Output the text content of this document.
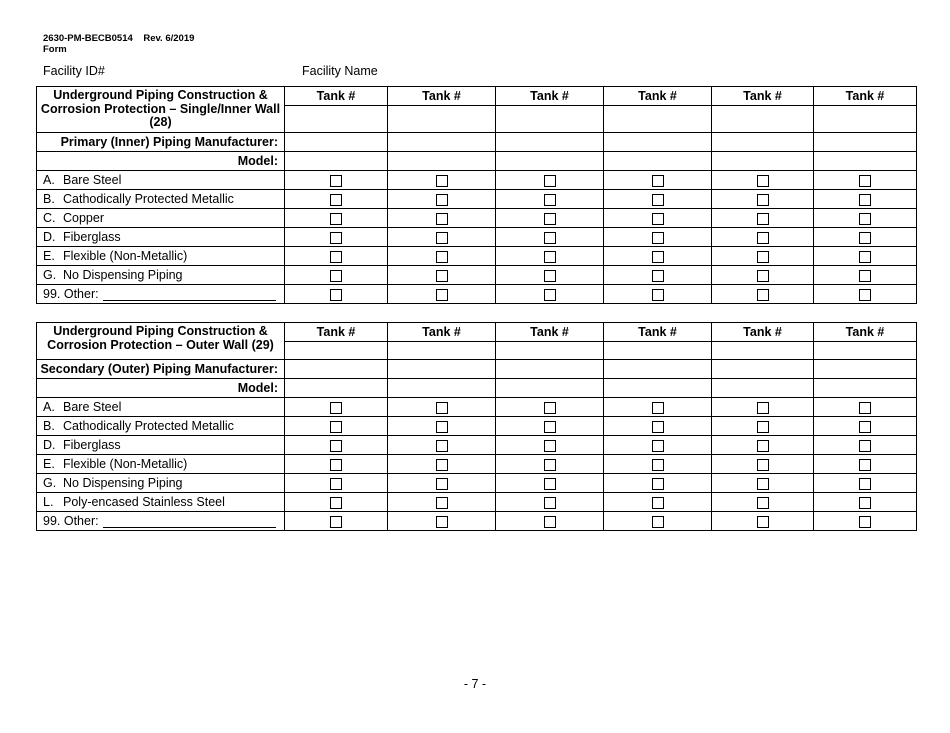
2630-PM-BECB0514 Rev. 6/2019
Form
Facility ID#	Facility Name
Underground Piping Construction & Corrosion Protection – Single/Inner Wall (28)	Tank #	Tank #	Tank #	Tank #	Tank #	Tank #

Primary (Inner) Piping Manufacturer:						
Model:						
A. Bare Steel						
B. Cathodically Protected Metallic						
C. Copper						
D. Fiberglass						
E. Flexible (Non-Metallic)						
G. No Dispensing Piping						
99. Other:						
Underground Piping Construction & Corrosion Protection – Outer Wall (29)	Tank #	Tank #	Tank #	Tank #	Tank #	Tank #

Secondary (Outer) Piping Manufacturer:						
Model:						
A. Bare Steel						
B. Cathodically Protected Metallic						
D. Fiberglass						
E. Flexible (Non-Metallic)						
G. No Dispensing Piping						
L. Poly-encased Stainless Steel						
99. Other:						
- 7 -
